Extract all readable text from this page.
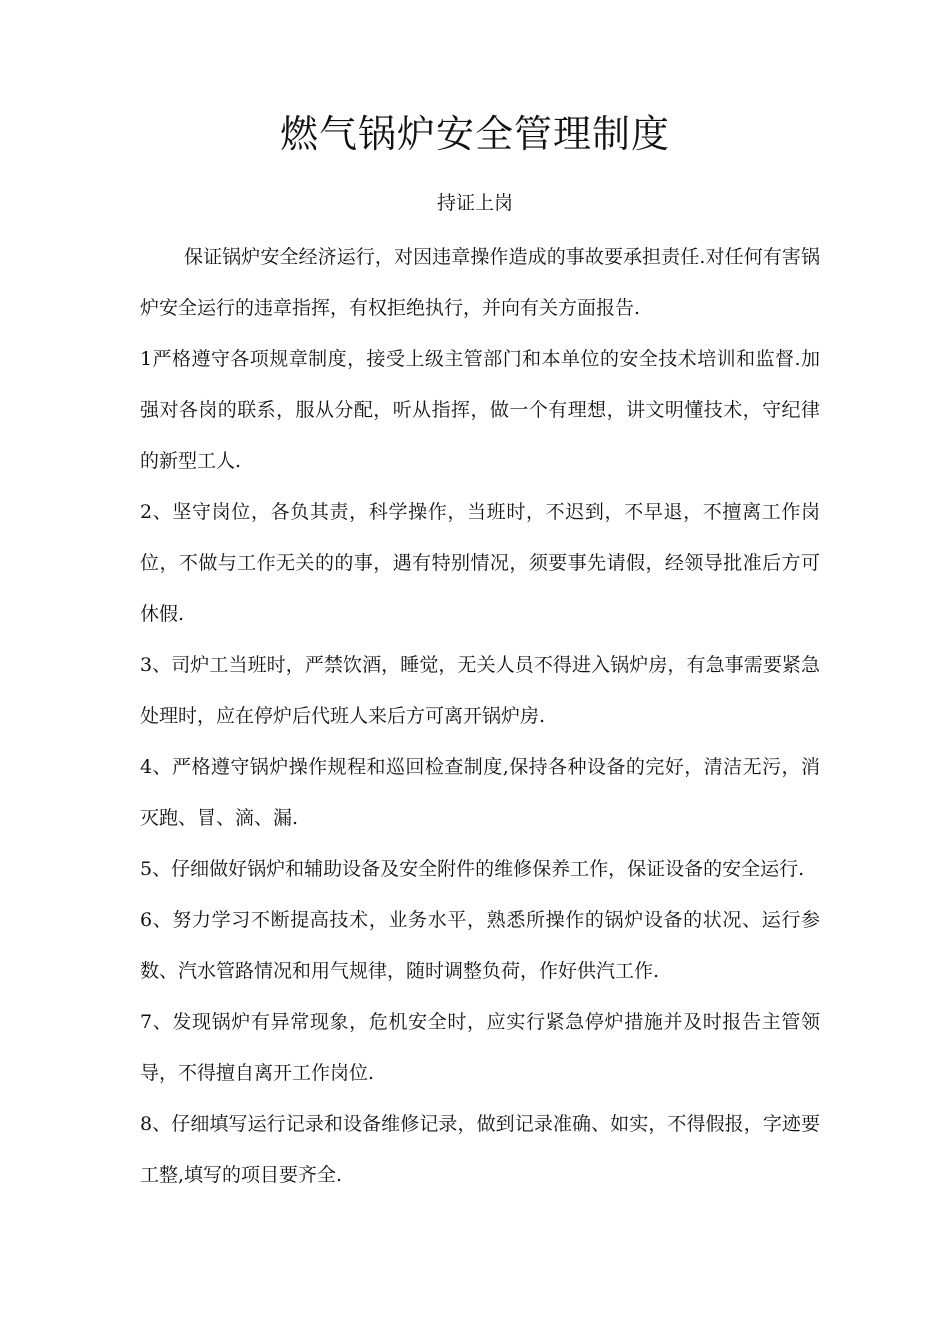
燃气锅炉安全管理制度

持证上岗

保证锅炉安全经济运行，对因违章操作造成的事故要承担责任.对任何有害锅炉安全运行的违章指挥，有权拒绝执行，并向有关方面报告.

1严格遵守各项规章制度，接受上级主管部门和本单位的安全技术培训和监督.加强对各岗的联系，服从分配，听从指挥，做一个有理想，讲文明懂技术，守纪律的新型工人.

2、坚守岗位，各负其责，科学操作，当班时，不迟到，不早退，不擅离工作岗位，不做与工作无关的的事，遇有特别情况，须要事先请假，经领导批准后方可休假.

3、司炉工当班时，严禁饮酒，睡觉，无关人员不得进入锅炉房，有急事需要紧急处理时，应在停炉后代班人来后方可离开锅炉房.

4、严格遵守锅炉操作规程和巡回检查制度,保持各种设备的完好，清洁无污，消灭跑、冒、滴、漏.

5、仔细做好锅炉和辅助设备及安全附件的维修保养工作，保证设备的安全运行.

6、努力学习不断提高技术，业务水平，熟悉所操作的锅炉设备的状况、运行参数、汽水管路情况和用气规律，随时调整负荷，作好供汽工作.

7、发现锅炉有异常现象，危机安全时，应实行紧急停炉措施并及时报告主管领导，不得擅自离开工作岗位.

8、仔细填写运行记录和设备维修记录，做到记录准确、如实，不得假报，字迹要工整,填写的项目要齐全.
